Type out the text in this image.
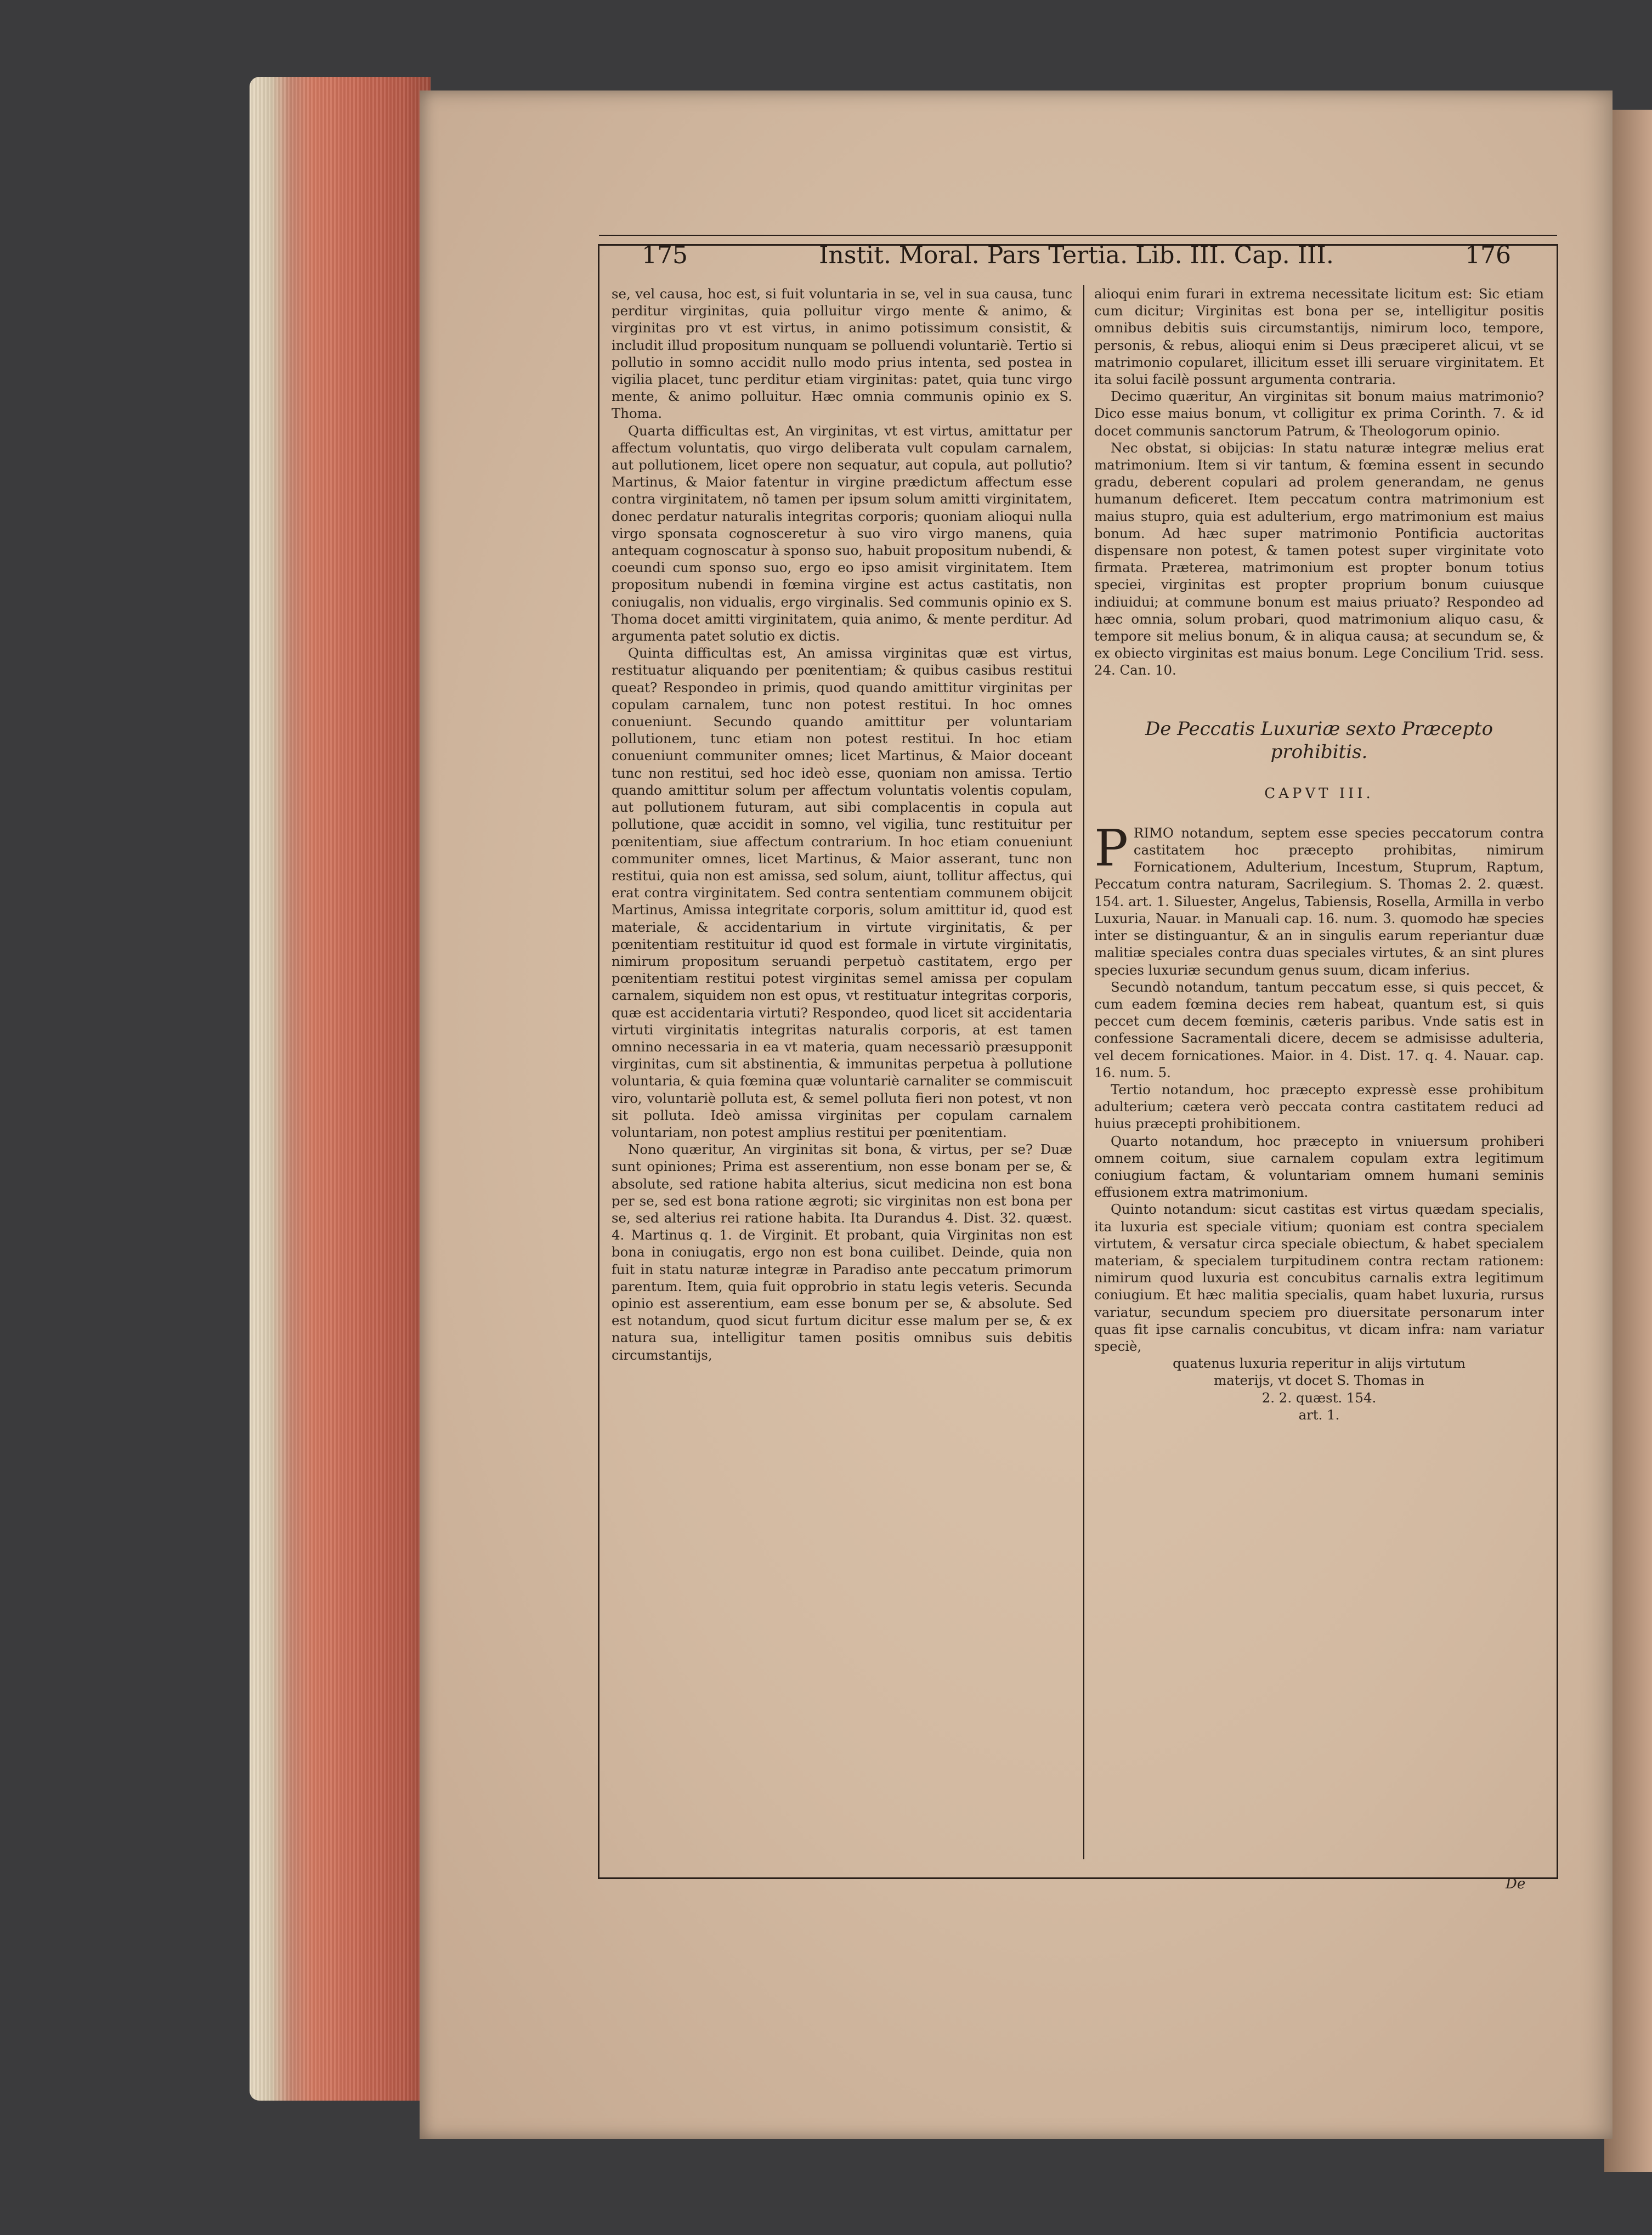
175	Instit. Moral. Pars Tertia. Lib. III. Cap. III.	176

se, vel causa, hoc est, si fuit voluntaria in se, vel in sua causa, tunc perditur virginitas, quia polluitur virgo mente & animo, & virginitas pro vt est virtus, in animo potissimum consistit, & includit illud propositum nunquam se polluendi voluntariè. Tertio si pollutio in somno accidit nullo modo prius intenta, sed postea in vigilia placet, tunc perditur etiam virginitas: patet, quia tunc virgo mente, & animo polluitur. Hæc omnia communis opinio ex S. Thoma.

Quarta difficultas est, An virginitas, vt est virtus, amittatur per affectum voluntatis, quo virgo deliberata vult copulam carnalem, aut pollutionem, licet opere non sequatur, aut copula, aut pollutio? Martinus, & Maior fatentur in virgine prædictum affectum esse contra virginitatem, nõ tamen per ipsum solum amitti virginitatem, donec perdatur naturalis integritas corporis; quoniam alioqui nulla virgo sponsata cognosceretur à suo viro virgo manens, quia antequam cognoscatur à sponso suo, habuit propositum nubendi, & coeundi cum sponso suo, ergo eo ipso amisit virginitatem. Item propositum nubendi in fœmina virgine est actus castitatis, non coniugalis, non vidualis, ergo virginalis. Sed communis opinio ex S. Thoma docet amitti virginitatem, quia animo, & mente perditur. Ad argumenta patet solutio ex dictis.

Quinta difficultas est, An amissa virginitas quæ est virtus, restituatur aliquando per pœnitentiam; & quibus casibus restitui queat? Respondeo in primis, quod quando amittitur virginitas per copulam carnalem, tunc non potest restitui. In hoc omnes conueniunt. Secundo quando amittitur per voluntariam pollutionem, tunc etiam non potest restitui. In hoc etiam conueniunt communiter omnes; licet Martinus, & Maior doceant tunc non restitui, sed hoc ideò esse, quoniam non amissa. Tertio quando amittitur solum per affectum voluntatis volentis copulam, aut pollutionem futuram, aut sibi complacentis in copula aut pollutione, quæ accidit in somno, vel vigilia, tunc restituitur per pœnitentiam, siue affectum contrarium. In hoc etiam conueniunt communiter omnes, licet Martinus, & Maior asserant, tunc non restitui, quia non est amissa, sed solum, aiunt, tollitur affectus, qui erat contra virginitatem. Sed contra sententiam communem obijcit Martinus, Amissa integritate corporis, solum amittitur id, quod est materiale, & accidentarium in virtute virginitatis, & per pœnitentiam restituitur id quod est formale in virtute virginitatis, nimirum propositum seruandi perpetuò castitatem, ergo per pœnitentiam restitui potest virginitas semel amissa per copulam carnalem, siquidem non est opus, vt restituatur integritas corporis, quæ est accidentaria virtuti? Respondeo, quod licet sit accidentaria virtuti virginitatis integritas naturalis corporis, at est tamen omnino necessaria in ea vt materia, quam necessariò præsupponit virginitas, cum sit abstinentia, & immunitas perpetua à pollutione voluntaria, & quia fœmina quæ voluntariè carnaliter se commiscuit viro, voluntariè polluta est, & semel polluta fieri non potest, vt non sit polluta. Ideò amissa virginitas per copulam carnalem voluntariam, non potest amplius restitui per pœnitentiam.

Nono quæritur, An virginitas sit bona, & virtus, per se? Duæ sunt opiniones; Prima est asserentium, non esse bonam per se, & absolute, sed ratione habita alterius, sicut medicina non est bona per se, sed est bona ratione ægroti; sic virginitas non est bona per se, sed alterius rei ratione habita. Ita Durandus 4. Dist. 32. quæst. 4. Martinus q. 1. de Virginit. Et probant, quia Virginitas non est bona in coniugatis, ergo non est bona cuilibet. Deinde, quia non fuit in statu naturæ integræ in Paradiso ante peccatum primorum parentum. Item, quia fuit opprobrio in statu legis veteris. Secunda opinio est asserentium, eam esse bonum per se, & absolute. Sed est notandum, quod sicut furtum dicitur esse malum per se, & ex natura sua, intelligitur tamen positis omnibus suis debitis circumstantijs,

alioqui enim furari in extrema necessitate licitum est: Sic etiam cum dicitur; Virginitas est bona per se, intelligitur positis omnibus debitis suis circumstantijs, nimirum loco, tempore, personis, & rebus, alioqui enim si Deus præciperet alicui, vt se matrimonio copularet, illicitum esset illi seruare virginitatem. Et ita solui facilè possunt argumenta contraria.

Decimo quæritur, An virginitas sit bonum maius matrimonio? Dico esse maius bonum, vt colligitur ex prima Corinth. 7. & id docet communis sanctorum Patrum, & Theologorum opinio.

Nec obstat, si obijcias: In statu naturæ integræ melius erat matrimonium. Item si vir tantum, & fœmina essent in secundo gradu, deberent copulari ad prolem generandam, ne genus humanum deficeret. Item peccatum contra matrimonium est maius stupro, quia est adulterium, ergo matrimonium est maius bonum. Ad hæc super matrimonio Pontificia auctoritas dispensare non potest, & tamen potest super virginitate voto firmata. Præterea, matrimonium est propter bonum totius speciei, virginitas est propter proprium bonum cuiusque indiuidui; at commune bonum est maius priuato? Respondeo ad hæc omnia, solum probari, quod matrimonium aliquo casu, & tempore sit melius bonum, & in aliqua causa; at secundum se, & ex obiecto virginitas est maius bonum. Lege Concilium Trid. sess. 24. Can. 10.

De Peccatis Luxuriæ sexto Præcepto prohibitis.
CAPVT III.

PRIMO notandum, septem esse species peccatorum contra castitatem hoc præcepto prohibitas, nimirum Fornicationem, Adulterium, Incestum, Stuprum, Raptum, Peccatum contra naturam, Sacrilegium. S. Thomas 2. 2. quæst. 154. art. 1. Siluester, Angelus, Tabiensis, Rosella, Armilla in verbo Luxuria, Nauar. in Manuali cap. 16. num. 3. quomodo hæ species inter se distinguantur, & an in singulis earum reperiantur duæ malitiæ speciales contra duas speciales virtutes, & an sint plures species luxuriæ secundum genus suum, dicam inferius.

Secundò notandum, tantum peccatum esse, si quis peccet, & cum eadem fœmina decies rem habeat, quantum est, si quis peccet cum decem fœminis, cæteris paribus. Vnde satis est in confessione Sacramentali dicere, decem se admisisse adulteria, vel decem fornicationes. Maior. in 4. Dist. 17. q. 4. Nauar. cap. 16. num. 5.

Tertio notandum, hoc præcepto expressè esse prohibitum adulterium; cætera verò peccata contra castitatem reduci ad huius præcepti prohibitionem.

Quarto notandum, hoc præcepto in vniuersum prohiberi omnem coitum, siue carnalem copulam extra legitimum coniugium factam, & voluntariam omnem humani seminis effusionem extra matrimonium.

Quinto notandum: sicut castitas est virtus quædam specialis, ita luxuria est speciale vitium; quoniam est contra specialem virtutem, & versatur circa speciale obiectum, & habet specialem materiam, & specialem turpitudinem contra rectam rationem: nimirum quod luxuria est concubitus carnalis extra legitimum coniugium. Et hæc malitia specialis, quam habet luxuria, rursus variatur, secundum speciem pro diuersitate personarum inter quas fit ipse carnalis concubitus, vt dicam infra: nam variatur speciè,

quatenus luxuria reperitur in alijs virtutum

materijs, vt docet S. Thomas in

2. 2. quæst. 154.

art. 1.

De
